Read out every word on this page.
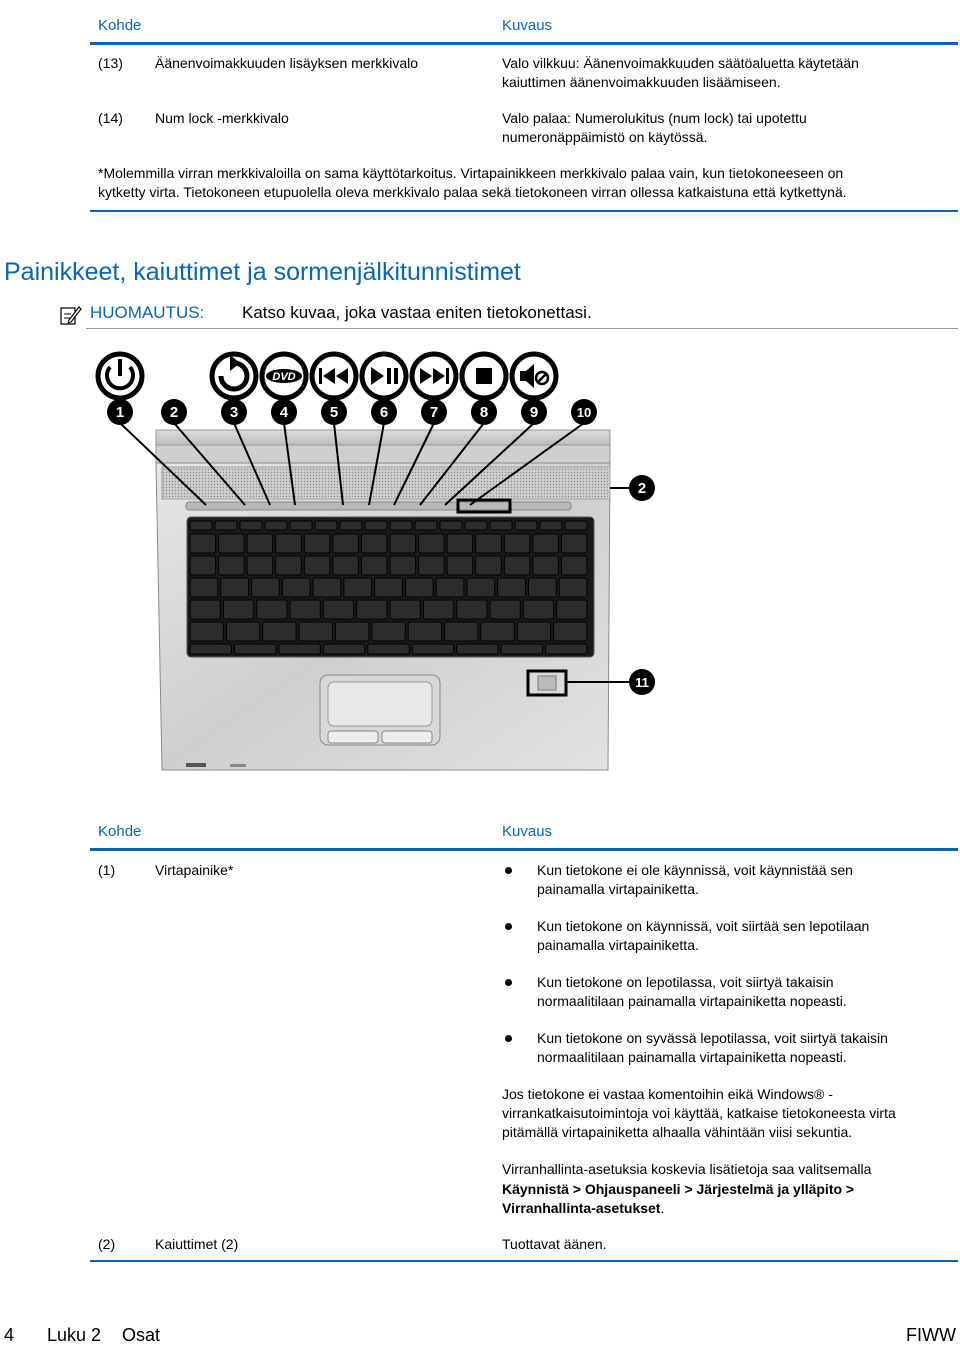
Kohde	Kuvaus
(13) Äänenvoimakkuuden lisäyksen merkkivalo	Valo vilkkuu: Äänenvoimakkuuden säätöaluetta käytetään
kaiuttimen äänenvoimakkuuden lisäämiseen.
(14) Num lock -merkkivalo	Valo palaa: Numerolukitus (num lock) tai upotettu
numeronäppäimistö on käytössä.
*Molemmilla virran merkkivaloilla on sama käyttötarkoitus. Virtapainikkeen merkkivalo palaa vain, kun tietokoneeseen on
kytketty virta. Tietokoneen etupuolella oleva merkkivalo palaa sekä tietokoneen virran ollessa katkaistuna että kytkettynä.
Painikkeet, kaiuttimet ja sormenjälkitunnistimet
HUOMAUTUS: Katso kuvaa, joka vastaa eniten tietokonettasi.
DVD
1	2	3	4	5	6	7	8	9	10
2
11
Kohde	Kuvaus
(1)	Virtapainike*	Kun tietokone ei ole käynnissä, voit käynnistää sen
painamalla virtapainiketta.
Kun tietokone on käynnissä, voit siirtää sen lepotilaan
painamalla virtapainiketta.
Kun tietokone on lepotilassa, voit siirtyä takaisin
normaalitilaan painamalla virtapainiketta nopeasti.
Kun tietokone on syvässä lepotilassa, voit siirtyä takaisin
normaalitilaan painamalla virtapainiketta nopeasti.
Jos tietokone ei vastaa komentoihin eikä Windows® -
virrankatkaisutoimintoja voi käyttää, katkaise tietokoneesta virta
pitämällä virtapainiketta alhaalla vähintään viisi sekuntia.
Virranhallinta-asetuksia koskevia lisätietoja saa valitsemalla
Käynnistä > Ohjauspaneeli > Järjestelmä ja ylläpito >
Virranhallinta-asetukset.
(2)	Kaiuttimet (2)	Tuottavat äänen.
4 Luku 2 Osat	FIWW
